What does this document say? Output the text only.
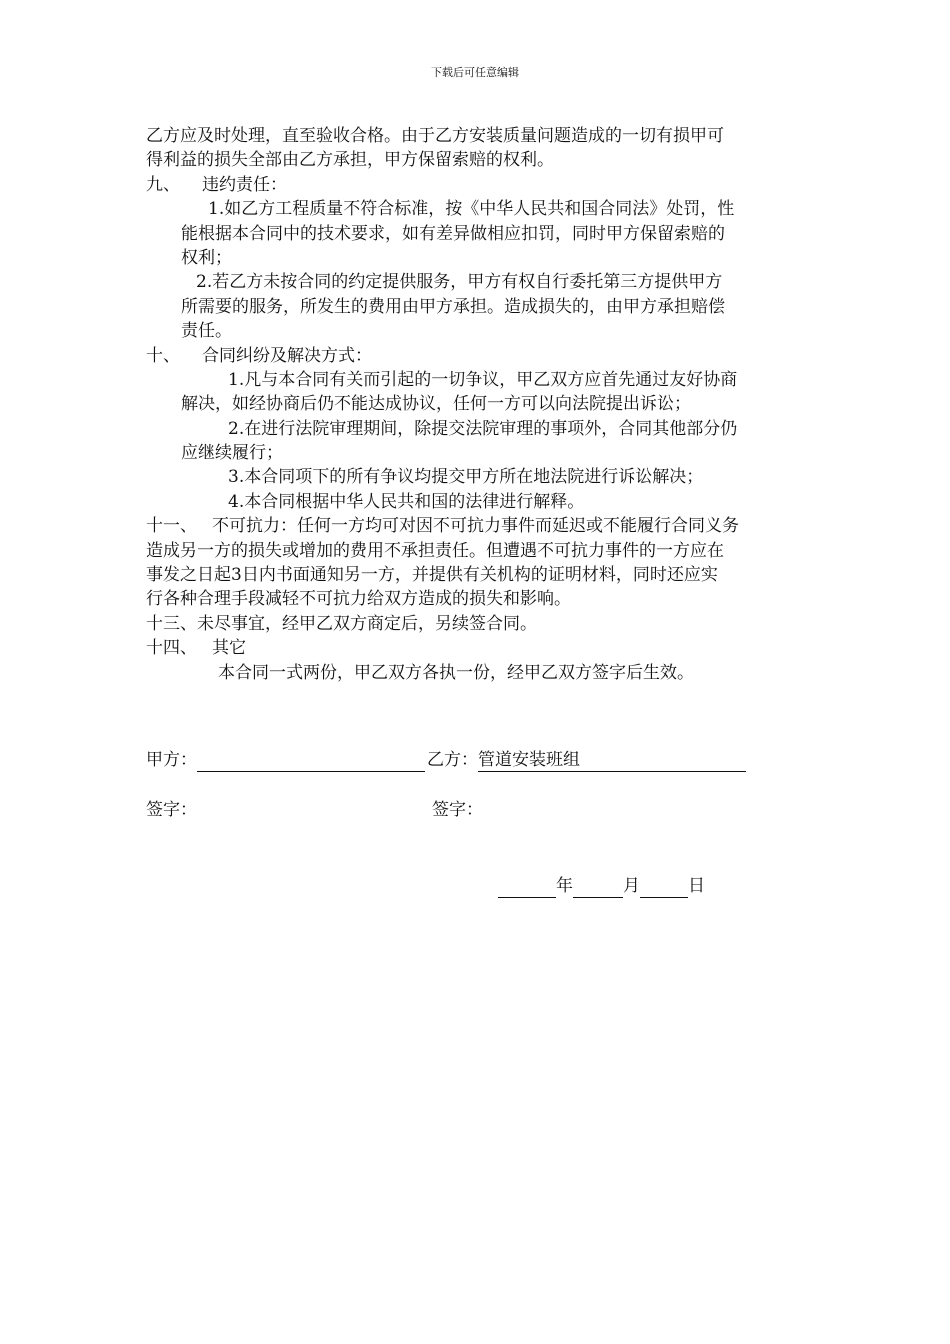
下载后可任意编辑
乙方应及时处理，直至验收合格。由于乙方安装质量问题造成的一切有损甲可
得利益的损失全部由乙方承担，甲方保留索赔的权利。
九、 违约责任：
1.如乙方工程质量不符合标准，按《中华人民共和国合同法》处罚，性
能根据本合同中的技术要求，如有差异做相应扣罚，同时甲方保留索赔的
权利；
2.若乙方未按合同的约定提供服务，甲方有权自行委托第三方提供甲方
所需要的服务，所发生的费用由甲方承担。造成损失的，由甲方承担赔偿
责任。
十、 合同纠纷及解决方式：
1.凡与本合同有关而引起的一切争议，甲乙双方应首先通过友好协商
解决，如经协商后仍不能达成协议，任何一方可以向法院提出诉讼；
2.在进行法院审理期间，除提交法院审理的事项外，合同其他部分仍
应继续履行；
3.本合同项下的所有争议均提交甲方所在地法院进行诉讼解决；
4.本合同根据中华人民共和国的法律进行解释。
十一、 不可抗力：任何一方均可对因不可抗力事件而延迟或不能履行合同义务
造成另一方的损失或增加的费用不承担责任。但遭遇不可抗力事件的一方应在
事发之日起3日内书面通知另一方，并提供有关机构的证明材料，同时还应实
行各种合理手段减轻不可抗力给双方造成的损失和影响。
十三、未尽事宜，经甲乙双方商定后，另续签合同。
十四、 其它
本合同一式两份，甲乙双方各执一份，经甲乙双方签字后生效。
甲方：	乙方：管道安装班组
签字：	签字：
年	月	日
